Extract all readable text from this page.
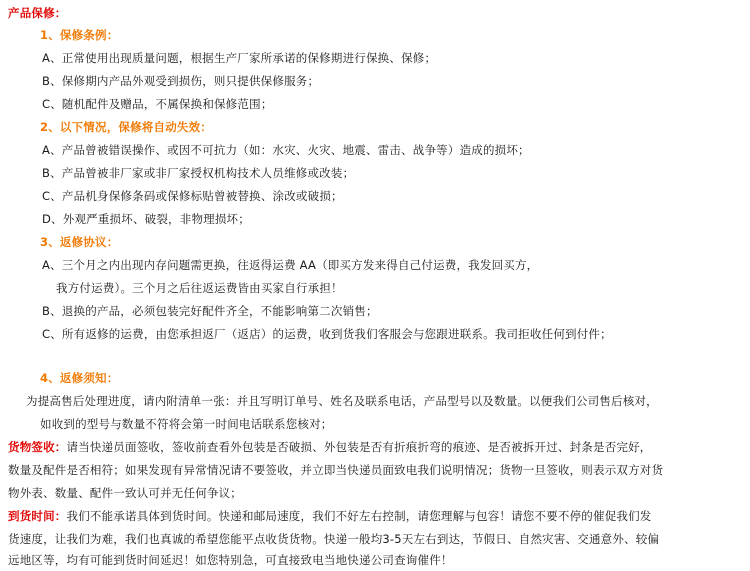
产品保修：
1、保修条例：
A、正常使用出现质量问题，根据生产厂家所承诺的保修期进行保换、保修；
B、保修期内产品外观受到损伤，则只提供保修服务；
C、随机配件及赠品，不属保换和保修范围；
2、以下情况，保修将自动失效：
A、产品曾被错误操作、或因不可抗力（如：水灾、火灾、地震、雷击、战争等）造成的损坏；
B、产品曾被非厂家或非厂家授权机构技术人员维修或改装；
C、产品机身保修条码或保修标贴曾被替换、涂改或破损；
D、外观严重损坏、破裂，非物理损坏；
3、返修协议：
A、三个月之内出现内存问题需更换，往返得运费 AA（即买方发来得自己付运费，我发回买方，
我方付运费）。三个月之后往返运费皆由买家自行承担！
B、退换的产品，必须包装完好配件齐全，不能影响第二次销售；
C、所有返修的运费，由您承担返厂（返店）的运费，收到货我们客服会与您跟进联系。我司拒收任何到付件；
4、返修须知：
为提高售后处理进度，请内附清单一张：并且写明订单号、姓名及联系电话，产品型号以及数量。以便我们公司售后核对，
如收到的型号与数量不符将会第一时间电话联系您核对；
货物签收：请当快递员面签收，签收前查看外包装是否破损、外包装是否有折痕折弯的痕迹、是否被拆开过、封条是否完好，
数量及配件是否相符；如果发现有异常情况请不要签收，并立即当快递员面致电我们说明情况；货物一旦签收，则表示双方对货
物外表、数量、配件一致认可并无任何争议；
到货时间：我们不能承诺具体到货时间。快递和邮局速度，我们不好左右控制，请您理解与包容！请您不要不停的催促我们发
货速度，让我们为难，我们也真诚的希望您能平点收货货物。快递一般均3-5天左右到达，节假日、自然灾害、交通意外、较偏
远地区等，均有可能到货时间延迟！如您特别急，可直接致电当地快递公司查询催件！
